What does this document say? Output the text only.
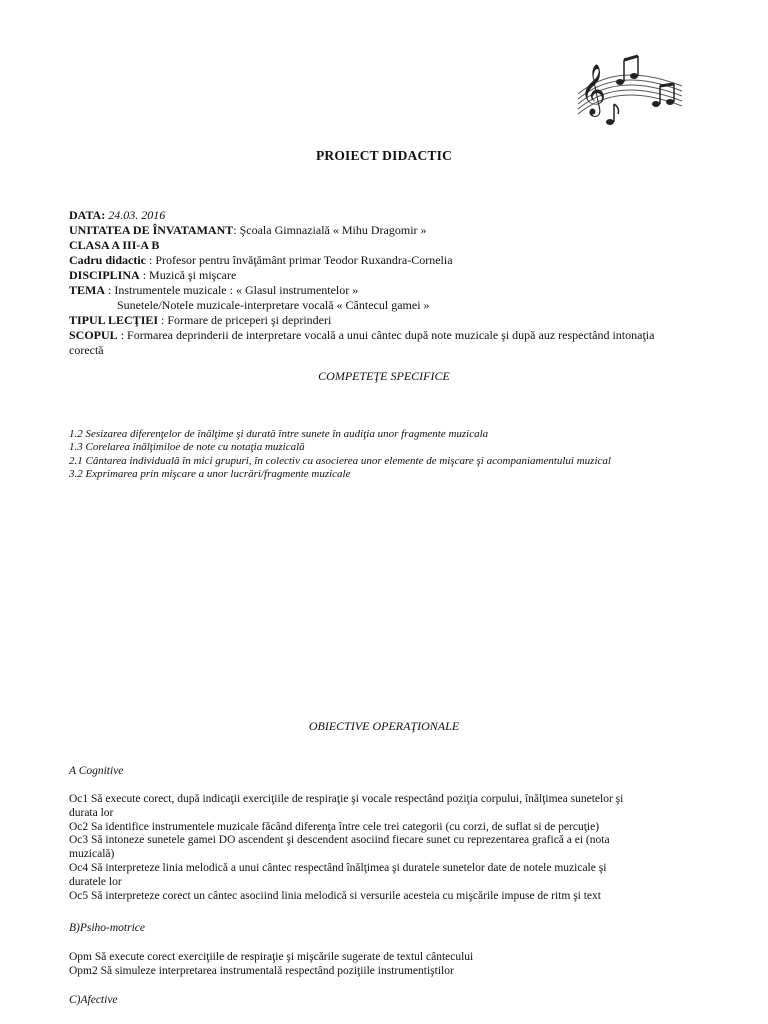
𝄞
PROIECT DIDACTIC
DATA: 24.03. 2016
UNITATEA DE ÎNVATAMANT: Şcoala Gimnazială « Mihu Dragomir »
CLASA A III-A B
Cadru didactic : Profesor pentru învăţământ primar Teodor Ruxandra-Cornelia
DISCIPLINA : Muzică şi mişcare
TEMA : Instrumentele muzicale : « Glasul instrumentelor »
Sunetele/Notele muzicale-interpretare vocală « Cântecul gamei »
TIPUL LECŢIEI : Formare de priceperi şi deprinderi
SCOPUL : Formarea deprinderii de interpretare vocală a unui cântec după note muzicale şi după auz respectând intonaţia
corectă
COMPETEŢE SPECIFICE
1.2 Sesizarea diferenţelor de înălţime şi durată între sunete în audiţia unor fragmente muzicala
1.3 Corelarea înălţimiloe de note cu notaţia muzicală
2.1 Cântarea individuală în mici grupuri, în colectiv cu asocierea unor elemente de mişcare şi acompaniamentului muzical
3.2 Exprimarea prin mişcare a unor lucrări/fragmente muzicale
OBIECTIVE OPERAŢIONALE
A Cognitive
Oc1 Să execute corect, după indicaţii exerciţiile de respiraţie şi vocale respectând poziţia corpului, înălţimea sunetelor şi
durata lor
Oc2 Sa identifice instrumentele muzicale făcând diferenţa între cele trei categorii (cu corzi, de suflat si de percuţie)
Oc3 Să intoneze sunetele gamei DO ascendent şi descendent asociind fiecare sunet cu reprezentarea grafică a ei (nota
muzicală)
Oc4 Să interpreteze linia melodică a unui cântec respectând înălţimea şi duratele sunetelor date de notele muzicale şi
duratele lor
Oc5 Să interpreteze corect un cântec asociind linia melodică si versurile acesteia cu mişcările impuse de ritm şi text
B)Psiho-motrice
Opm Să execute corect exerciţiile de respiraţie şi mişcările sugerate de textul cântecului
Opm2 Să simuleze interpretarea instrumentală respectând poziţiile instrumentiştilor
C)Afective
